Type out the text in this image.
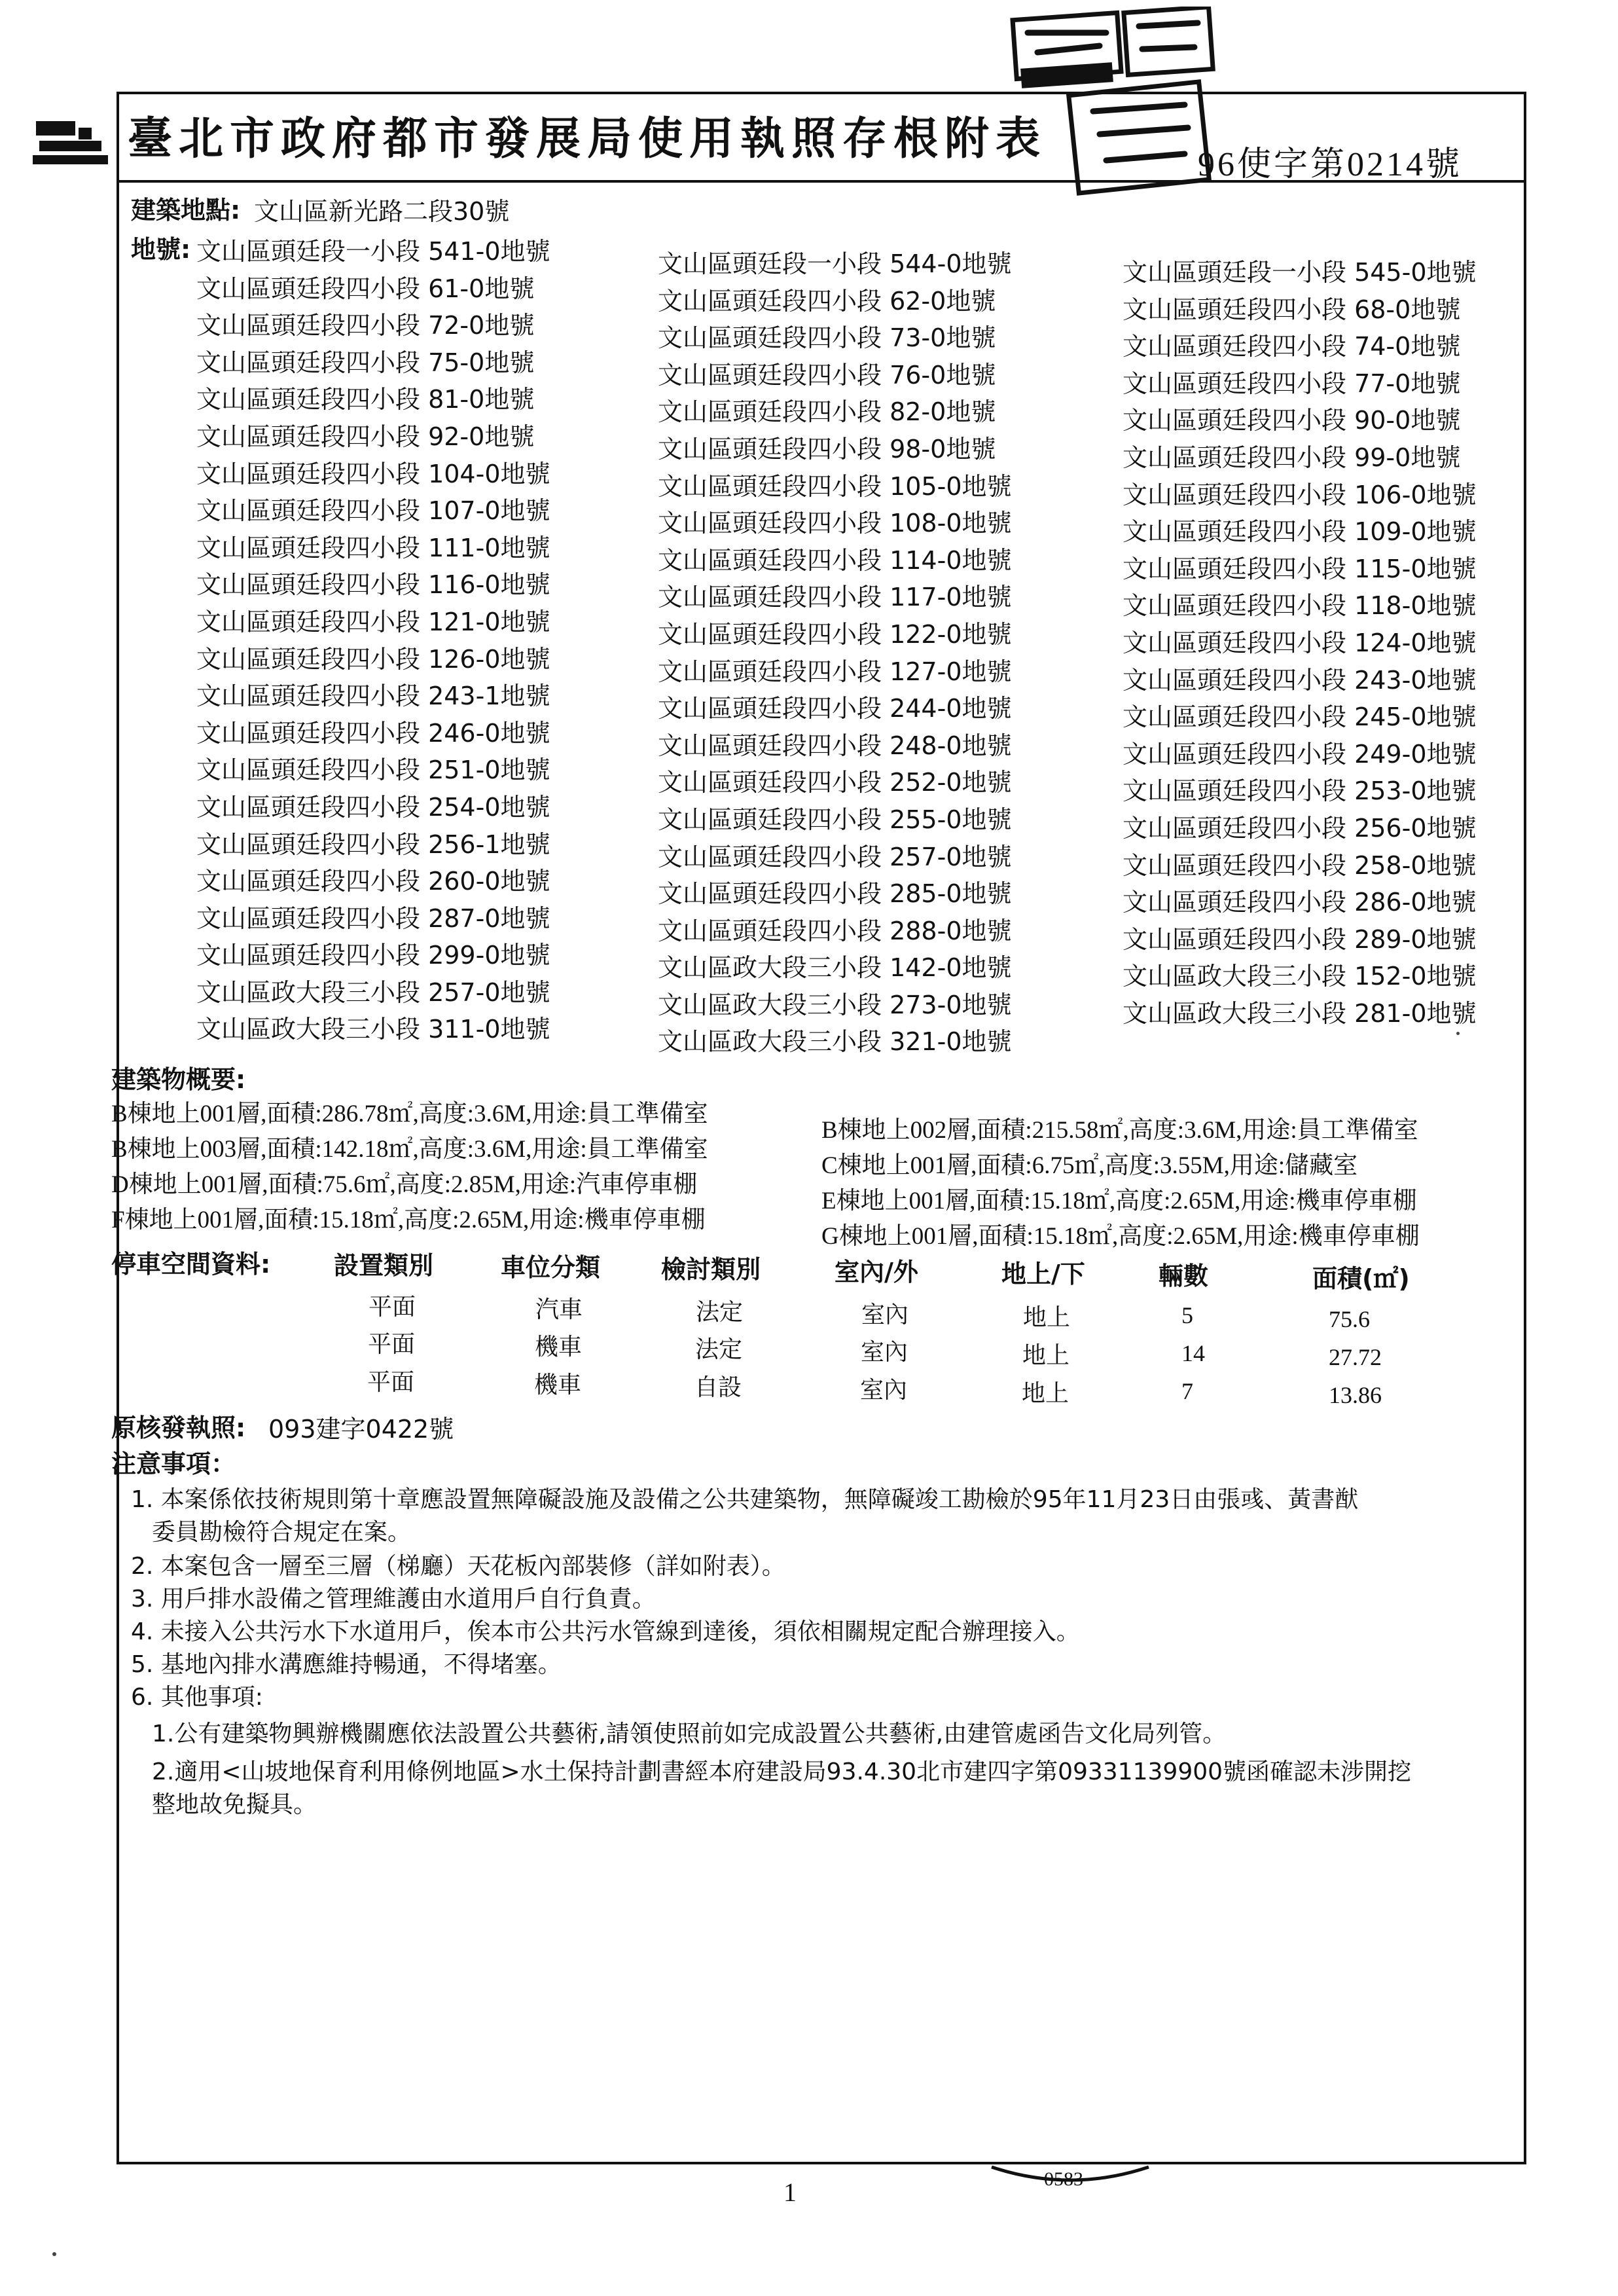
臺北市政府都市發展局使用執照存根附表	96使字第0214號
建築地點: 文山區新光路二段30號
地號: 文山區頭廷段一小段 541-0地號
文山區頭廷段四小段 61-0地號
文山區頭廷段四小段 72-0地號
文山區頭廷段四小段 75-0地號
文山區頭廷段四小段 81-0地號
文山區頭廷段四小段 92-0地號
文山區頭廷段四小段 104-0地號
文山區頭廷段四小段 107-0地號
文山區頭廷段四小段 111-0地號
文山區頭廷段四小段 116-0地號
文山區頭廷段四小段 121-0地號
文山區頭廷段四小段 126-0地號
文山區頭廷段四小段 243-1地號
文山區頭廷段四小段 246-0地號
文山區頭廷段四小段 251-0地號
文山區頭廷段四小段 254-0地號
文山區頭廷段四小段 256-1地號
文山區頭廷段四小段 260-0地號
文山區頭廷段四小段 287-0地號
文山區頭廷段四小段 299-0地號
文山區政大段三小段 257-0地號
文山區政大段三小段 311-0地號
文山區頭廷段一小段 544-0地號
文山區頭廷段四小段 62-0地號
文山區頭廷段四小段 73-0地號
文山區頭廷段四小段 76-0地號
文山區頭廷段四小段 82-0地號
文山區頭廷段四小段 98-0地號
文山區頭廷段四小段 105-0地號
文山區頭廷段四小段 108-0地號
文山區頭廷段四小段 114-0地號
文山區頭廷段四小段 117-0地號
文山區頭廷段四小段 122-0地號
文山區頭廷段四小段 127-0地號
文山區頭廷段四小段 244-0地號
文山區頭廷段四小段 248-0地號
文山區頭廷段四小段 252-0地號
文山區頭廷段四小段 255-0地號
文山區頭廷段四小段 257-0地號
文山區頭廷段四小段 285-0地號
文山區頭廷段四小段 288-0地號
文山區政大段三小段 142-0地號
文山區政大段三小段 273-0地號
文山區政大段三小段 321-0地號
文山區頭廷段一小段 545-0地號
文山區頭廷段四小段 68-0地號
文山區頭廷段四小段 74-0地號
文山區頭廷段四小段 77-0地號
文山區頭廷段四小段 90-0地號
文山區頭廷段四小段 99-0地號
文山區頭廷段四小段 106-0地號
文山區頭廷段四小段 109-0地號
文山區頭廷段四小段 115-0地號
文山區頭廷段四小段 118-0地號
文山區頭廷段四小段 124-0地號
文山區頭廷段四小段 243-0地號
文山區頭廷段四小段 245-0地號
文山區頭廷段四小段 249-0地號
文山區頭廷段四小段 253-0地號
文山區頭廷段四小段 256-0地號
文山區頭廷段四小段 258-0地號
文山區頭廷段四小段 286-0地號
文山區頭廷段四小段 289-0地號
文山區政大段三小段 152-0地號
文山區政大段三小段 281-0地號
建築物概要:
B棟地上001層,面積:286.78㎡,高度:3.6M,用途:員工準備室
B棟地上003層,面積:142.18㎡,高度:3.6M,用途:員工準備室
D棟地上001層,面積:75.6㎡,高度:2.85M,用途:汽車停車棚
F棟地上001層,面積:15.18㎡,高度:2.65M,用途:機車停車棚
B棟地上002層,面積:215.58㎡,高度:3.6M,用途:員工準備室
C棟地上001層,面積:6.75㎡,高度:3.55M,用途:儲藏室
E棟地上001層,面積:15.18㎡,高度:2.65M,用途:機車停車棚
G棟地上001層,面積:15.18㎡,高度:2.65M,用途:機車停車棚
停車空間資料:	設置類別	車位分類 檢討類別	室內/外	地上/下	輛數	面積(㎡)
平面	汽車	法定	室內	地上	5	75.6
平面	機車	法定	室內	地上	14	27.72
平面	機車	自設	室內	地上	7	13.86
原核發執照: 093建字0422號
注意事項：
1. 本案係依技術規則第十章應設置無障礙設施及設備之公共建築物，無障礙竣工勘檢於95年11月23日由張彧、黃書猷
委員勘檢符合規定在案。
2. 本案包含一層至三層（梯廳）天花板內部裝修（詳如附表）。
3. 用戶排水設備之管理維護由水道用戶自行負責。
4. 未接入公共污水下水道用戶，俟本市公共污水管線到達後，須依相關規定配合辦理接入。
5. 基地內排水溝應維持暢通，不得堵塞。
6. 其他事項:
1.公有建築物興辦機關應依法設置公共藝術,請領使照前如完成設置公共藝術,由建管處函告文化局列管。
2.適用<山坡地保育利用條例地區>水土保持計劃書經本府建設局93.4.30北市建四字第09331139900號函確認未涉開挖
整地故免擬具。
1	0583
